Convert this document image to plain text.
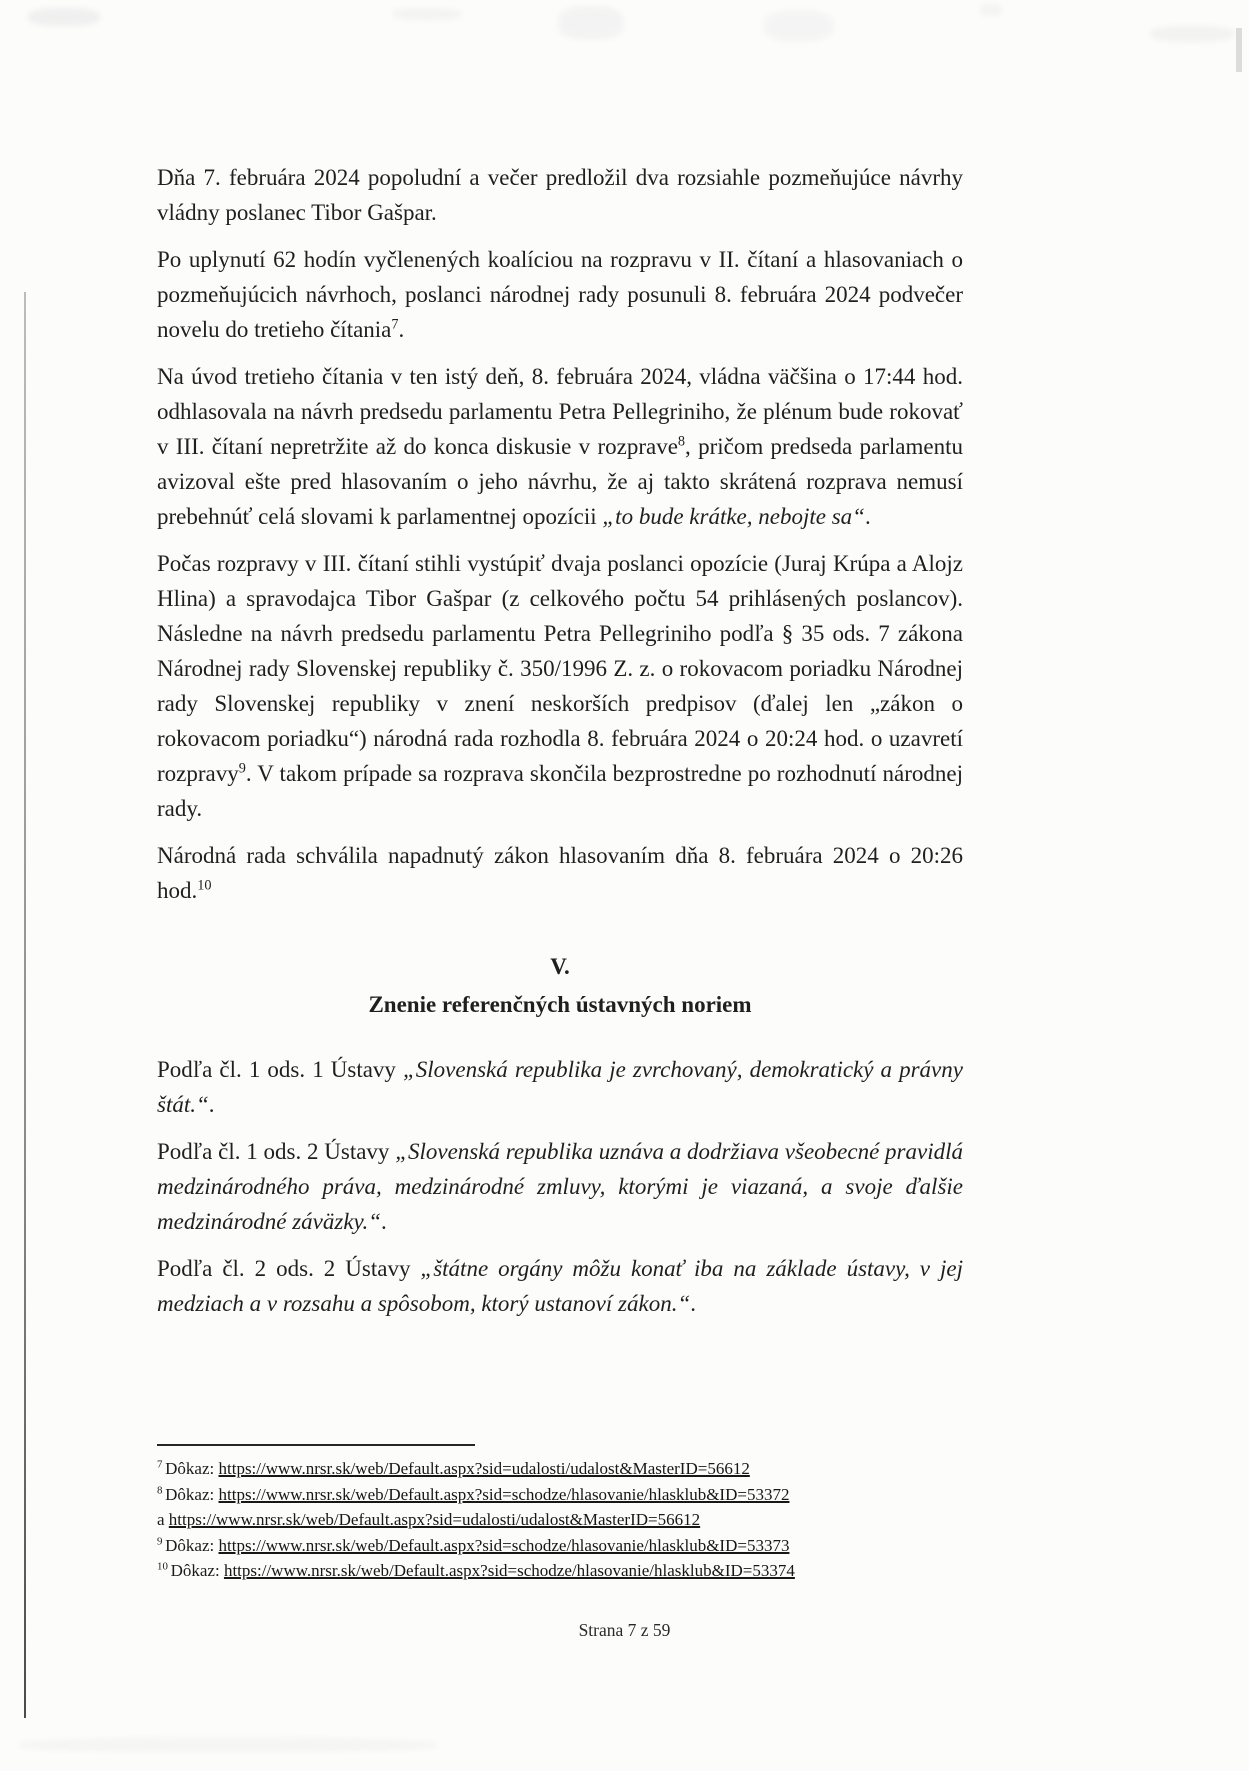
Dňa 7. februára 2024 popoludní a večer predložil dva rozsiahle pozmeňujúce návrhy vládny poslanec Tibor Gašpar.

Po uplynutí 62 hodín vyčlenených koalíciou na rozpravu v II. čítaní a hlasovaniach o pozmeňujúcich návrhoch, poslanci národnej rady posunuli 8. februára 2024 podvečer novelu do tretieho čítania$^7$.

Na úvod tretieho čítania v ten istý deň, 8. februára 2024, vládna väčšina o 17:44 hod. odhlasovala na návrh predsedu parlamentu Petra Pellegriniho, že plénum bude rokovať v III. čítaní nepretržite až do konca diskusie v rozprave$^8$, pričom predseda parlamentu avizoval ešte pred hlasovaním o jeho návrhu, že aj takto skrátená rozprava nemusí prebehnúť celá slovami k parlamentnej opozícii „to bude krátke, nebojte sa“.

Počas rozpravy v III. čítaní stihli vystúpiť dvaja poslanci opozície (Juraj Krúpa a Alojz Hlina) a spravodajca Tibor Gašpar (z celkového počtu 54 prihlásených poslancov). Následne na návrh predsedu parlamentu Petra Pellegriniho podľa § 35 ods. 7 zákona Národnej rady Slovenskej republiky č. 350/1996 Z. z. o rokovacom poriadku Národnej rady Slovenskej republiky v znení neskorších predpisov (ďalej len „zákon o rokovacom poriadku“) národná rada rozhodla 8. februára 2024 o 20:24 hod. o uzavretí rozpravy$^9$. V takom prípade sa rozprava skončila bezprostredne po rozhodnutí národnej rady.

Národná rada schválila napadnutý zákon hlasovaním dňa 8. februára 2024 o 20:26 hod.$^{10}$

V.
Znenie referenčných ústavných noriem

Podľa čl. 1 ods. 1 Ústavy „Slovenská republika je zvrchovaný, demokratický a právny štát.“.

Podľa čl. 1 ods. 2 Ústavy „Slovenská republika uznáva a dodržiava všeobecné pravidlá medzinárodného práva, medzinárodné zmluvy, ktorými je viazaná, a svoje ďalšie medzinárodné záväzky.“.

Podľa čl. 2 ods. 2 Ústavy „štátne orgány môžu konať iba na základe ústavy, v jej medziach a v rozsahu a spôsobom, ktorý ustanoví zákon.“.

$^7$ Dôkaz: https://www.nrsr.sk/web/Default.aspx?sid=udalosti/udalost&MasterID=56612
$^8$ Dôkaz: https://www.nrsr.sk/web/Default.aspx?sid=schodze/hlasovanie/hlasklub&ID=53372
a https://www.nrsr.sk/web/Default.aspx?sid=udalosti/udalost&MasterID=56612
$^9$ Dôkaz: https://www.nrsr.sk/web/Default.aspx?sid=schodze/hlasovanie/hlasklub&ID=53373
$^{10}$ Dôkaz: https://www.nrsr.sk/web/Default.aspx?sid=schodze/hlasovanie/hlasklub&ID=53374
Strana 7 z 59
